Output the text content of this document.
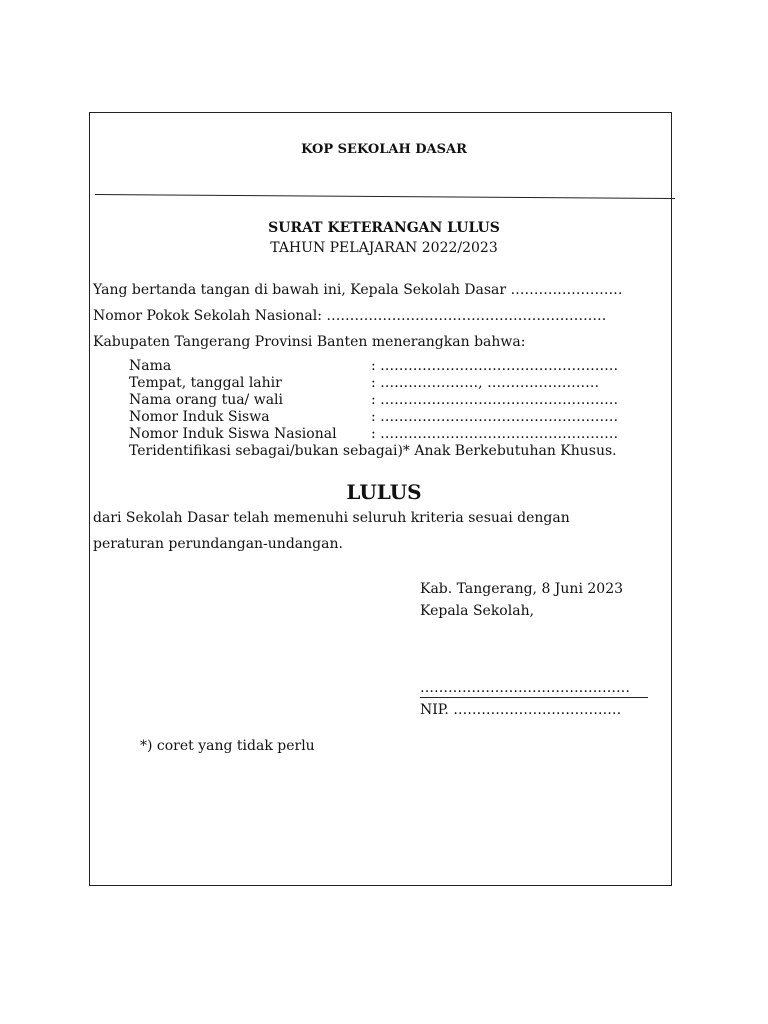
KOP SEKOLAH DASAR
SURAT KETERANGAN LULUS
TAHUN PELAJARAN 2022/2023
Yang bertanda tangan di bawah ini, Kepala Sekolah Dasar ……………………
Nomor Pokok Sekolah Nasional: ……………………………………………………
Kabupaten Tangerang Provinsi Banten menerangkan bahwa:
Nama	: ……………………………………………
Tempat, tanggal lahir	: …………………, ……………………
Nama orang tua/ wali	: ……………………………………………
Nomor Induk Siswa	: ……………………………………………
Nomor Induk Siswa Nasional : ……………………………………………
Teridentifikasi sebagai/bukan sebagai)* Anak Berkebutuhan Khusus.
LULUS
dari Sekolah Dasar telah memenuhi seluruh kriteria sesuai dengan
peraturan perundangan-undangan.
Kab. Tangerang, 8 Juni 2023
Kepala Sekolah,
………………………………………
NIP. ………………………………
*) coret yang tidak perlu
